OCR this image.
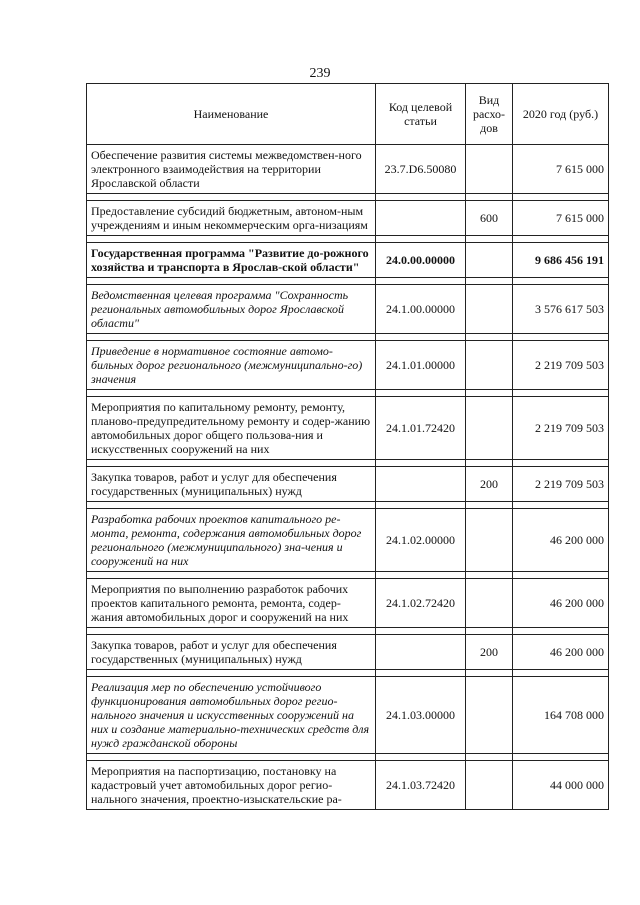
239
Наименование	Код целевой статьи	Вид расхо-дов	2020 год (руб.)
Обеспечение развития системы межведомствен-ного электронного взаимодействия на территории Ярославской области	23.7.D6.50080		7 615 000

Предоставление субсидий бюджетным, автоном-ным учреждениям и иным некоммерческим орга-низациям		600	7 615 000

Государственная программа "Развитие до-рожного хозяйства и транспорта в Ярослав-ской области"	24.0.00.00000		9 686 456 191

Ведомственная целевая программа "Сохранность региональных автомобильных дорог Ярославской области"	24.1.00.00000		3 576 617 503

Приведение в нормативное состояние автомо-бильных дорог регионального (межмуниципально-го) значения	24.1.01.00000		2 219 709 503

Мероприятия по капитальному ремонту, ремонту, планово-предупредительному ремонту и содер-жанию автомобильных дорог общего пользова-ния и искусственных сооружений на них	24.1.01.72420		2 219 709 503

Закупка товаров, работ и услуг для обеспечения государственных (муниципальных) нужд		200	2 219 709 503

Разработка рабочих проектов капитального ре-монта, ремонта, содержания автомобильных дорог регионального (межмуниципального) зна-чения и сооружений на них	24.1.02.00000		46 200 000

Мероприятия по выполнению разработок рабочих проектов капитального ремонта, ремонта, содер-жания автомобильных дорог и сооружений на них	24.1.02.72420		46 200 000

Закупка товаров, работ и услуг для обеспечения государственных (муниципальных) нужд		200	46 200 000

Реализация мер по обеспечению устойчивого функционирования автомобильных дорог регио-нального значения и искусственных сооружений на них и создание материально-технических средств для нужд гражданской обороны	24.1.03.00000		164 708 000

Мероприятия на паспортизацию, постановку на кадастровый учет автомобильных дорог регио-нального значения, проектно-изыскательские ра-	24.1.03.72420		44 000 000
